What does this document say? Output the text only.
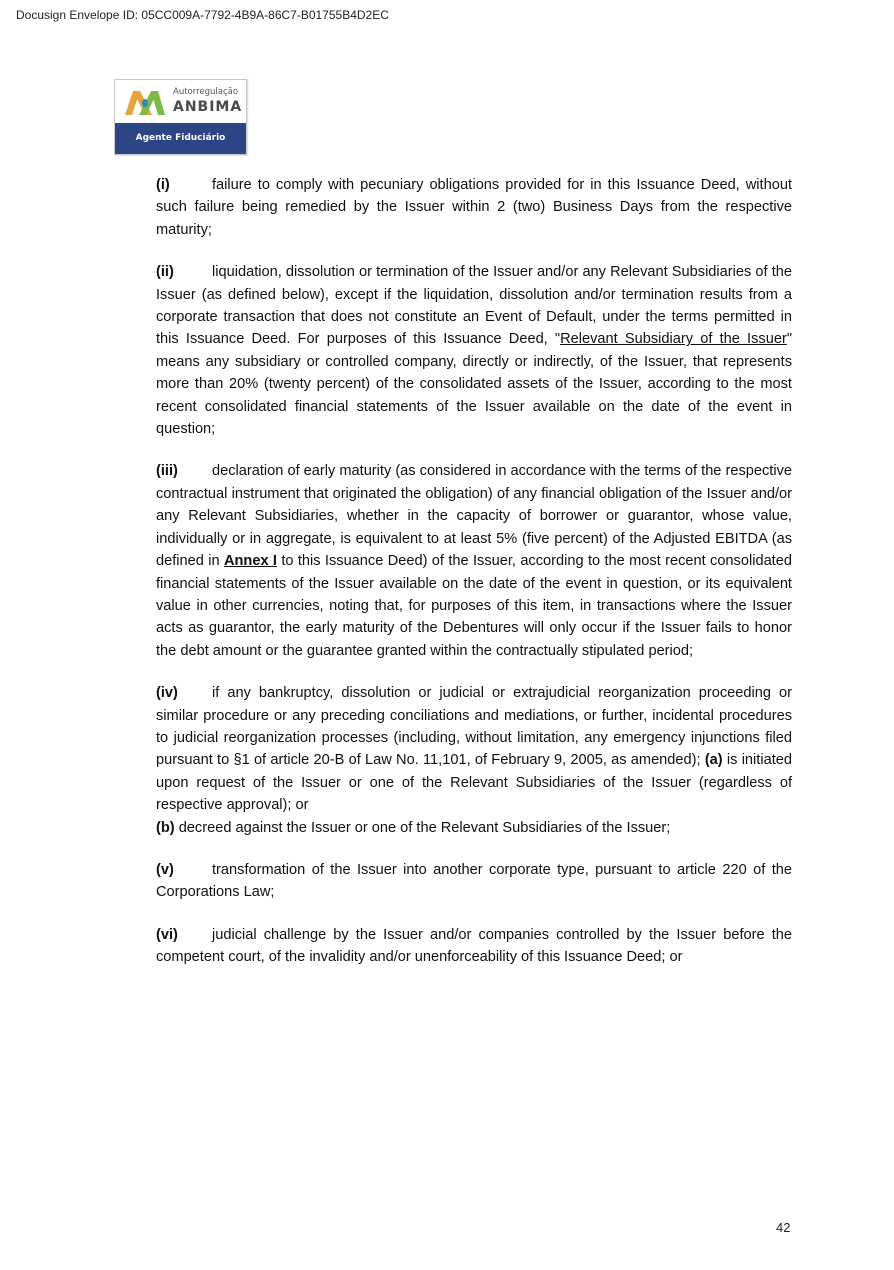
Docusign Envelope ID: 05CC009A-7792-4B9A-86C7-B01755B4D2EC
Autorregulação
ANBIMA
Agente Fiduciário

(i)	failure to comply with pecuniary obligations provided for in this Issuance Deed, without such failure being remedied by the Issuer within 2 (two) Business Days from the respective maturity;

(ii)	liquidation, dissolution or termination of the Issuer and/or any Relevant Subsidiaries of the Issuer (as defined below), except if the liquidation, dissolution and/or termination results from a corporate transaction that does not constitute an Event of Default, under the terms permitted in this Issuance Deed. For purposes of this Issuance Deed, "Relevant Subsidiary of the Issuer" means any subsidiary or controlled company, directly or indirectly, of the Issuer, that represents more than 20% (twenty percent) of the consolidated assets of the Issuer, according to the most recent consolidated financial statements of the Issuer available on the date of the event in question;

(iii) declaration of early maturity (as considered in accordance with the terms of the respective contractual instrument that originated the obligation) of any financial obligation of the Issuer and/or any Relevant Subsidiaries, whether in the capacity of borrower or guarantor, whose value, individually or in aggregate, is equivalent to at least 5% (five percent) of the Adjusted EBITDA (as defined in Annex I to this Issuance Deed) of the Issuer, according to the most recent consolidated financial statements of the Issuer available on the date of the event in question, or its equivalent value in other currencies, noting that, for purposes of this item, in transactions where the Issuer acts as guarantor, the early maturity of the Debentures will only occur if the Issuer fails to honor the debt amount or the guarantee granted within the contractually stipulated period;

(iv) if any bankruptcy, dissolution or judicial or extrajudicial reorganization proceeding or similar procedure or any preceding conciliations and mediations, or further, incidental procedures to judicial reorganization processes (including, without limitation, any emergency injunctions filed pursuant to §1 of article 20-B of Law No. 11,101, of February 9, 2005, as amended); (a) is initiated upon request of the Issuer or one of the Relevant Subsidiaries of the Issuer (regardless of respective approval); or
(b) decreed against the Issuer or one of the Relevant Subsidiaries of the Issuer;

(v)	transformation of the Issuer into another corporate type, pursuant to article 220 of the Corporations Law;

(vi) judicial challenge by the Issuer and/or companies controlled by the Issuer before the competent court, of the invalidity and/or unenforceability of this Issuance Deed; or

42
